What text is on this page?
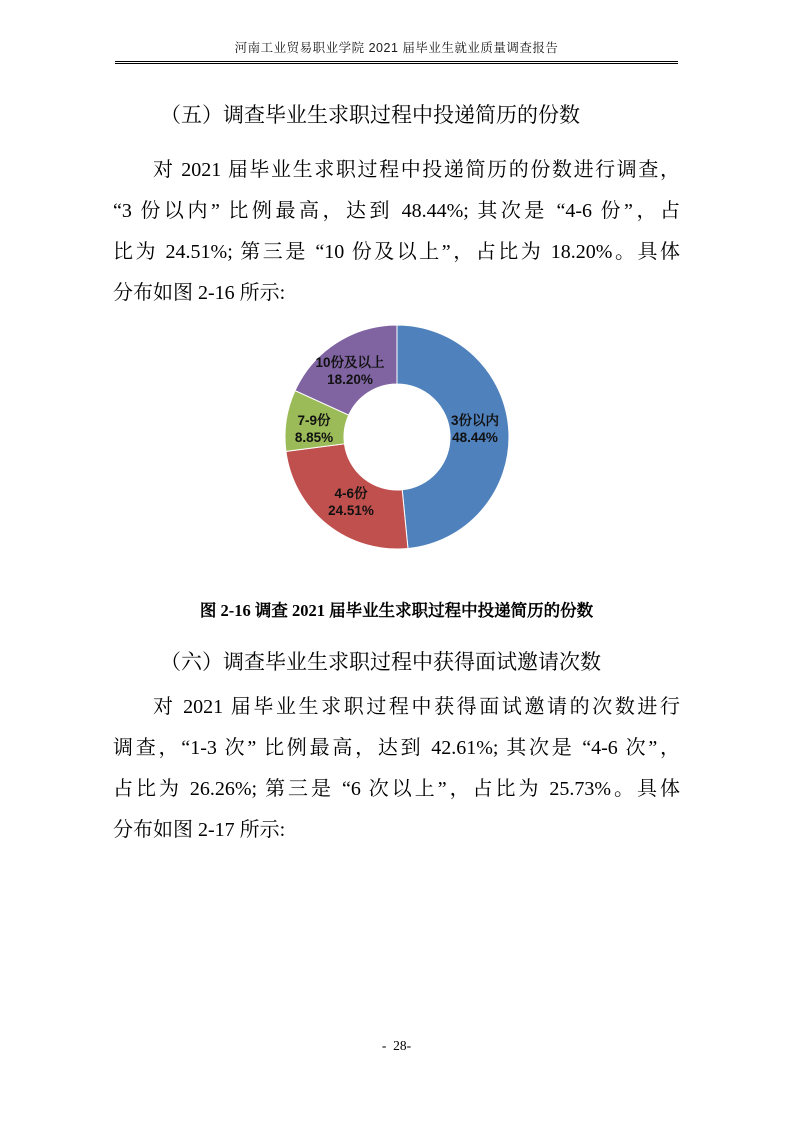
河南工业贸易职业学院 2021 届毕业生就业质量调查报告
（五）调查毕业生求职过程中投递简历的份数
对 2021 届毕业生求职过程中投递简历的份数进行调查，
“3 份以内” 比例最高，达到 48.44%; 其次是 “4-6 份”，占
比为 24.51%; 第三是 “10 份及以上”，占比为 18.20%。具体
分布如图 2-16 所示:
3份以内
48.44%
4-6份
24.51%
7-9份
8.85%
10份及以上
18.20%
图 2-16 调查 2021 届毕业生求职过程中投递简历的份数
（六）调查毕业生求职过程中获得面试邀请次数
对 2021 届毕业生求职过程中获得面试邀请的次数进行
调查，“1-3 次” 比例最高，达到 42.61%; 其次是 “4-6 次”，
占比为 26.26%; 第三是 “6 次以上”，占比为 25.73%。具体
分布如图 2-17 所示:
-  28-
